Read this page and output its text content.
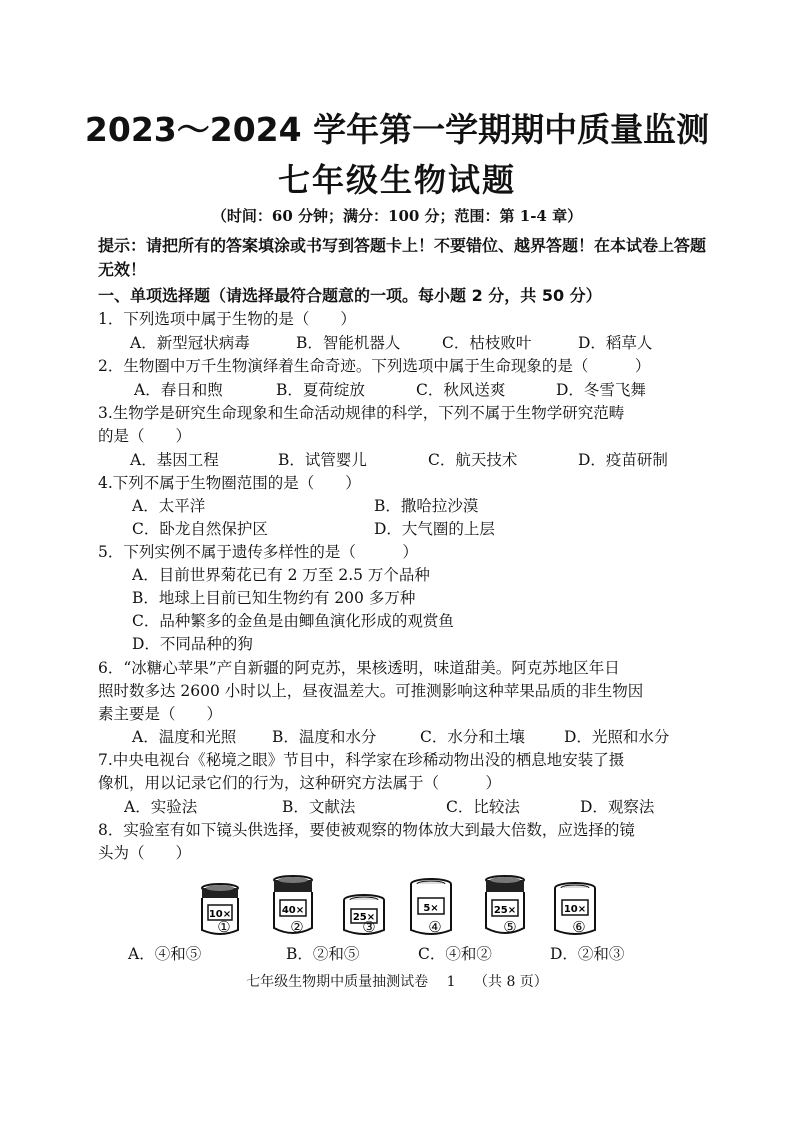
2023～2024 学年第一学期期中质量监测
七年级生物试题
（时间：60 分钟；满分：100 分；范围：第 1-4 章）
提示：请把所有的答案填涂或书写到答题卡上！不要错位、越界答题！在本试卷上答题无效！
一、单项选择题（请选择最符合题意的一项。每小题 2 分，共 50 分）
1．下列选项中属于生物的是（　　）
A．新型冠状病毒	B．智能机器人	C．枯枝败叶	D．稻草人
2．生物圈中万千生物演绎着生命奇迹。下列选项中属于生命现象的是（　　　）
A．春日和煦	B．夏荷绽放	C．秋风送爽	D．冬雪飞舞
3.生物学是研究生命现象和生命活动规律的科学，下列不属于生物学研究范畴
的是（　　）
A．基因工程	B．试管婴儿	C．航天技术	D．疫苗研制
4.下列不属于生物圈范围的是（　　）
A．太平洋	B．撒哈拉沙漠
C．卧龙自然保护区	D．大气圈的上层
5．下列实例不属于遗传多样性的是（　　　）
A．目前世界菊花已有 2 万至 2.5 万个品种
B．地球上目前已知生物约有 200 多万种
C．品种繁多的金鱼是由鲫鱼演化形成的观赏鱼
D．不同品种的狗
6．“冰糖心苹果”产自新疆的阿克苏，果核透明，味道甜美。阿克苏地区年日
照时数多达 2600 小时以上，昼夜温差大。可推测影响这种苹果品质的非生物因
素主要是（　　）
A．温度和光照 B．温度和水分	C．水分和土壤	D．光照和水分
7.中央电视台《秘境之眼》节目中，科学家在珍稀动物出没的栖息地安装了摄
像机，用以记录它们的行为，这种研究方法属于（　　　）
A．实验法	B．文献法	C．比较法	D．观察法
8．实验室有如下镜头供选择，要使被观察的物体放大到最大倍数，应选择的镜
头为（　　）
10×	40×
25×
5×	25×	10×
①	②	③	④	⑤	⑥
A．④和⑤	B．②和⑤	C．④和②	D．②和③
七年级生物期中质量抽测试卷　 1　 （共 8 页）
